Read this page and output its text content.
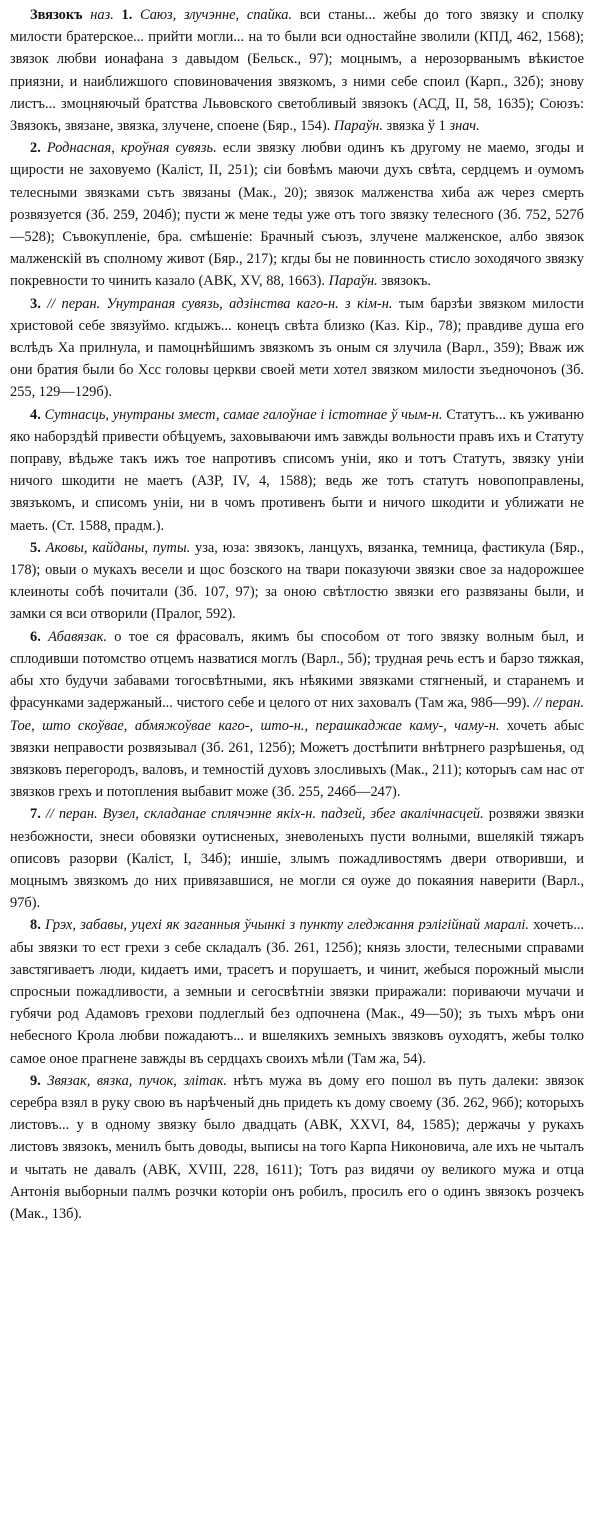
Звязокъ наз. 1. Саюз, злучэнне, спайка. вси станы... жебы до того звязку и сполку милости братерское... прийти могли... на то были вси одностайне зволили (КПД, 462, 1568); звязок любви ионафана з давыдом (Бельск., 97); моцнымъ, а нерозорванымъ вѣкистое приязни, и наиближшого сповиновачения звязкомъ, з ними себе споил (Карп., 32б); знову листъ... змоцняючый братства Львовского светобливый звязокъ (АСД, II, 58, 1635); Союзъ: Звязокъ, звязане, звязка, злучене, споене (Бяр., 154). Параўн. звязка ў 1 знач.

2. Роднасная, кроўная сувязь. если звязку любви одинъ къ другому не маемо, згоды и щирости не заховуемо (Каліст, II, 251); сіи бовѣмъ маючи духъ свѣта, сердцемъ и оумомъ телесными звязками сътъ звязаны (Мак., 20); звязок малженства хиба аж через смерть розвязуется (Зб. 259, 204б); пусти ж мене теды уже отъ того звязку телесного (Зб. 752, 527б—528); Съвокупленіе, бра. смѣшеніе: Брачный съюзъ, злучене малженское, албо звязок малженскій въ сполному живот (Бяр., 217); кгды бы не повинность стисло зоходячого звязку покревности то чинить казало (АВК, XV, 88, 1663). Параўн. звязокъ.

3. // перан. Унутраная сувязь, адзінства каго-н. з кім-н. тым барзѣи звязком милости христовой себе звязуймо. кгдыжъ... конецъ свѣта близко (Каз. Кір., 78); правдиве душа его вслѣдъ Ха прилнула, и памоцнѣйшимъ звязкомъ зъ оным ся злучила (Варл., 359); Вваж иж они братия были бо Хсс головы церкви своей мети хотел звязком милости зъедночоноъ (Зб. 255, 129—129б).

4. Сутнасць, унутраны змест, самае галоўнае і істотнае ў чым-н. Статутъ... къ уживаню яко наборздѣй привести обѣцуемъ, заховываючи имъ завжды вольности правъ ихъ и Статуту поправу, вѣдьже такъ ижъ тое напротивъ списомъ уніи, яко и тотъ Статутъ, звязку уніи ничого шкодити не маетъ (АЗР, IV, 4, 1588); ведь же тотъ статутъ новопоправлены, звязъкомъ, и списомъ уніи, ни в чомъ противенъ быти и ничого шкодити и уближати не маеть. (Ст. 1588, прадм.).

5. Аковы, кайданы, путы. уза, юза: звязокъ, ланцухъ, вязанка, темница, фастикула (Бяр., 178); овыи о мукахъ весели и щос бозского на твари показуючи звязки свое за надорожшее клеиноты собѣ почитали (Зб. 107, 97); за оною свѣтлостю звязки его развязаны были, и замки ся вси отворили (Пралог, 592).

6. Абавязак. о тое ся фрасовалъ, якимъ бы способом от того звязку волным был, и сплодивши потомство отцемъ назватися моглъ (Варл., 5б); трудная речь естъ и барзо тяжкая, абы хто будучи забавами тогосвѣтными, якъ нѣякими звязками стягненый, и старанемъ и фрасунками задержаный... чистого себе и целого от них заховалъ (Там жа, 98б—99). // перан. Тое, што скоўвае, абмяжоўвае каго-, што-н., перашкаджае каму-, чаму-н. хочеть абыс звязки неправости розвязывал (Зб. 261, 125б); Можетъ достѣпити внѣтрнего разрѣшенья, од звязковъ перегородъ, валовъ, и темностій духовъ злосливыхъ (Мак., 211); которыъ сам нас от звязков грехъ и потопления выбавит може (Зб. 255, 246б—247).

7. // перан. Вузел, складанае сплячэнне якіх-н. падзей, збег акалічнасцей. розвяжи звязки незбожности, знеси обовязки оутисненых, зневоленыхъ пусти волными, вшелякій тяжаръ описовъ разорви (Каліст, I, 34б); иншіе, злымъ пожадливостямъ двери отворивши, и моцнымъ звязкомъ до них привязавшися, не могли ся оуже до покаяния наверити (Варл., 97б).

8. Грэх, забавы, уцехі як заганныя ўчынкі з пункту гледжання рэлігійнай маралі. хочеть... абы звязки то ест грехи з себе складалъ (Зб. 261, 125б); князь злости, телесными справами завстягиваетъ люди, кидаетъ ими, трасетъ и порушаетъ, и чинит, жебыся порожный мысли спросныи пожадливости, а земныи и сегосвѣтніи звязки приражали: пориваючи мучачи и губячи род Адамовъ грехови подлеглый без одпочнена (Мак., 49—50); зъ тыхъ мѣръ они небесного Крола любви пожадаютъ... и вшелякихъ земныхъ звязковъ оуходятъ, жебы толко самое оное прагнене завжды въ сердцахъ своихъ мѣли (Там жа, 54).

9. Звязак, вязка, пучок, злітак. нѣтъ мужа въ дому его пошол въ путь далеки: звязок серебра взял в руку свою въ нарѣченый днь придеть къ дому своему (Зб. 262, 96б); которыхъ листовъ... у в одному звязку было двадцать (АВК, XXVI, 84, 1585); держачы у рукахъ листовъ звязокъ, менилъ быть доводы, выписы на того Карпа Никоновича, але ихъ не чыталъ и чытать не давалъ (АВК, XVIII, 228, 1611); Тотъ раз видячи оу великого мужа и отца Антонія выборныи палмъ розчки которіи онъ робилъ, просилъ его о одинъ звязокъ розчекъ (Мак., 13б).
